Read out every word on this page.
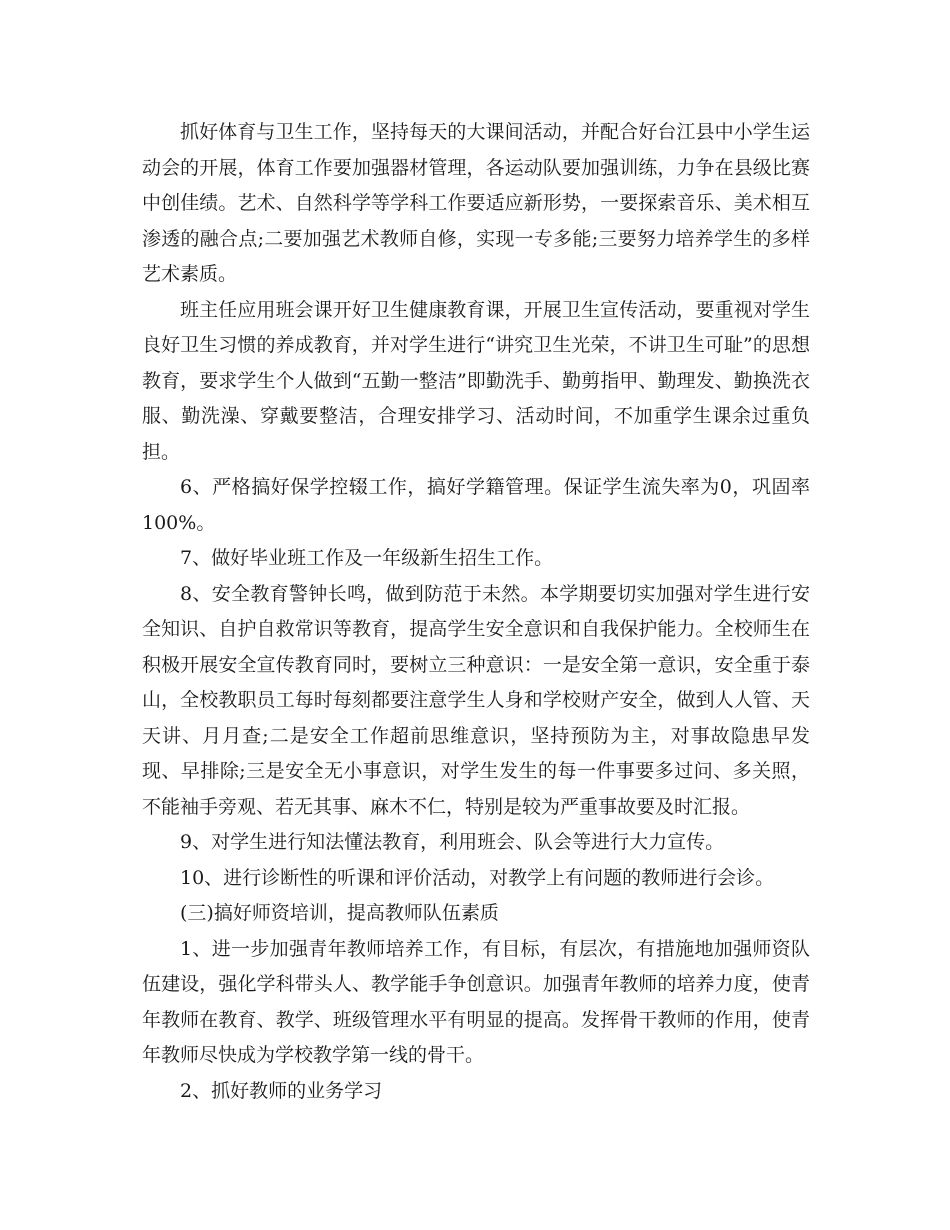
抓好体育与卫生工作，坚持每天的大课间活动，并配合好台江县中小学生运动会的开展，体育工作要加强器材管理，各运动队要加强训练，力争在县级比赛中创佳绩。艺术、自然科学等学科工作要适应新形势，一要探索音乐、美术相互渗透的融合点;二要加强艺术教师自修，实现一专多能;三要努力培养学生的多样艺术素质。

班主任应用班会课开好卫生健康教育课，开展卫生宣传活动，要重视对学生良好卫生习惯的养成教育，并对学生进行“讲究卫生光荣，不讲卫生可耻”的思想教育，要求学生个人做到“五勤一整洁”即勤洗手、勤剪指甲、勤理发、勤换洗衣服、勤洗澡、穿戴要整洁，合理安排学习、活动时间，不加重学生课余过重负担。

6、严格搞好保学控辍工作，搞好学籍管理。保证学生流失率为0，巩固率100%。

7、做好毕业班工作及一年级新生招生工作。

8、安全教育警钟长鸣，做到防范于未然。本学期要切实加强对学生进行安全知识、自护自救常识等教育，提高学生安全意识和自我保护能力。全校师生在积极开展安全宣传教育同时，要树立三种意识：一是安全第一意识，安全重于泰山，全校教职员工每时每刻都要注意学生人身和学校财产安全，做到人人管、天天讲、月月查;二是安全工作超前思维意识，坚持预防为主，对事故隐患早发现、早排除;三是安全无小事意识，对学生发生的每一件事要多过问、多关照，不能袖手旁观、若无其事、麻木不仁，特别是较为严重事故要及时汇报。

9、对学生进行知法懂法教育，利用班会、队会等进行大力宣传。

10、进行诊断性的听课和评价活动，对教学上有问题的教师进行会诊。

(三)搞好师资培训，提高教师队伍素质

1、进一步加强青年教师培养工作，有目标，有层次，有措施地加强师资队伍建设，强化学科带头人、教学能手争创意识。加强青年教师的培养力度，使青年教师在教育、教学、班级管理水平有明显的提高。发挥骨干教师的作用，使青年教师尽快成为学校教学第一线的骨干。

2、抓好教师的业务学习
